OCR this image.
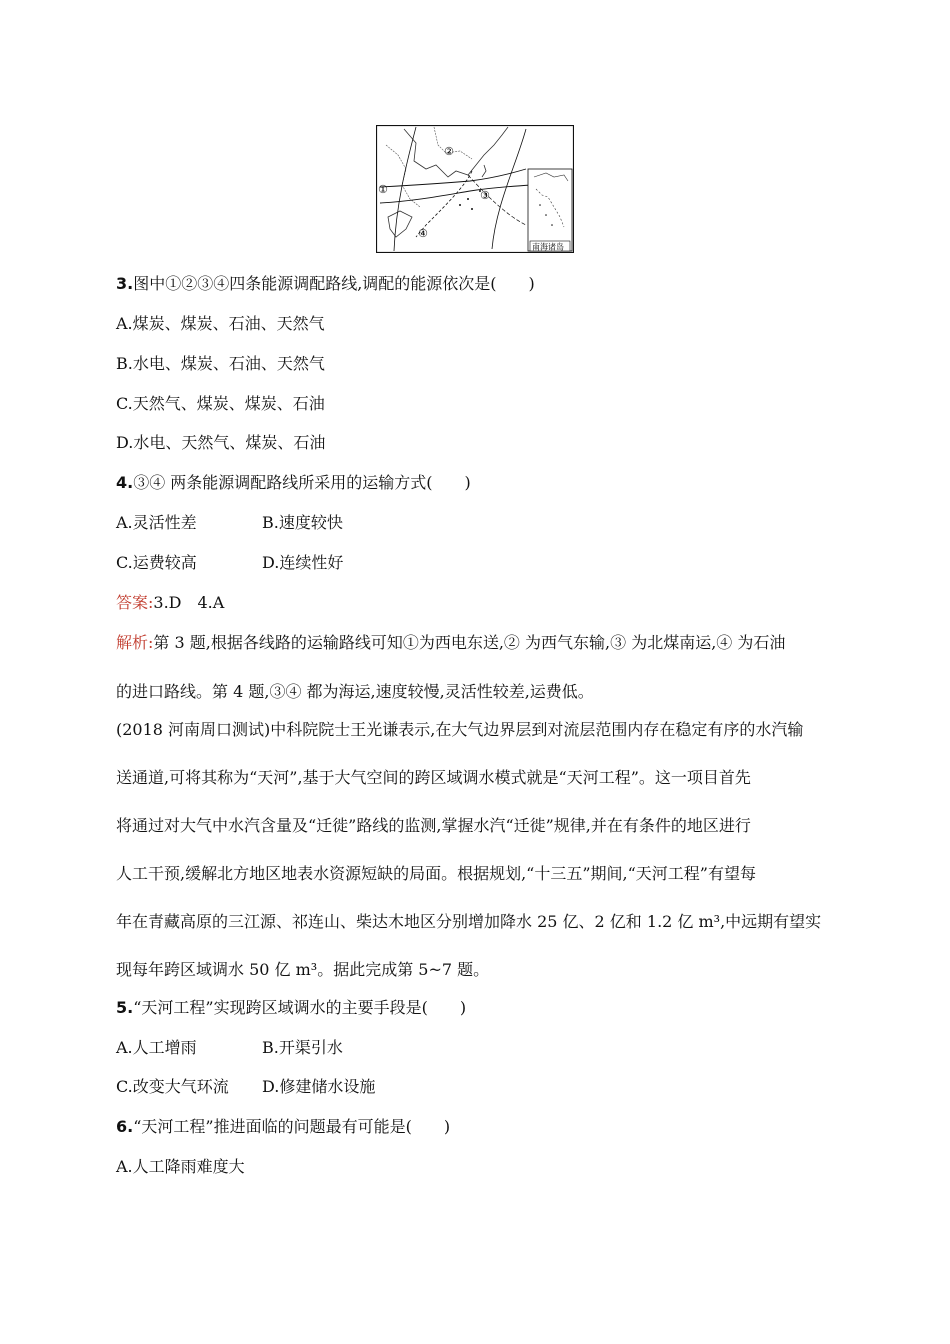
①
②
③
④
南海诸岛
3.图中①②③④四条能源调配路线,调配的能源依次是(　　)
A.煤炭、煤炭、石油、天然气
B.水电、煤炭、石油、天然气
C.天然气、煤炭、煤炭、石油
D.水电、天然气、煤炭、石油
4.③④ 两条能源调配路线所采用的运输方式(　　)
A.灵活性差	B.速度较快
C.运费较高	D.连续性好
答案:3.D　4.A
解析:第 3 题,根据各线路的运输路线可知①为西电东送,② 为西气东输,③ 为北煤南运,④ 为石油
的进口路线。第 4 题,③④ 都为海运,速度较慢,灵活性较差,运费低。
(2018 河南周口测试)中科院院士王光谦表示,在大气边界层到对流层范围内存在稳定有序的水汽输
送通道,可将其称为“天河”,基于大气空间的跨区域调水模式就是“天河工程”。这一项目首先
将通过对大气中水汽含量及“迁徙”路线的监测,掌握水汽“迁徙”规律,并在有条件的地区进行
人工干预,缓解北方地区地表水资源短缺的局面。根据规划,“十三五”期间,“天河工程”有望每
年在青藏高原的三江源、祁连山、柴达木地区分别增加降水 25 亿、2 亿和 1.2 亿 m³,中远期有望实
现每年跨区域调水 50 亿 m³。据此完成第 5~7 题。
5.“天河工程”实现跨区域调水的主要手段是(　　)
A.人工增雨	B.开渠引水
C.改变大气环流 D.修建储水设施
6.“天河工程”推进面临的问题最有可能是(　　)
A.人工降雨难度大
